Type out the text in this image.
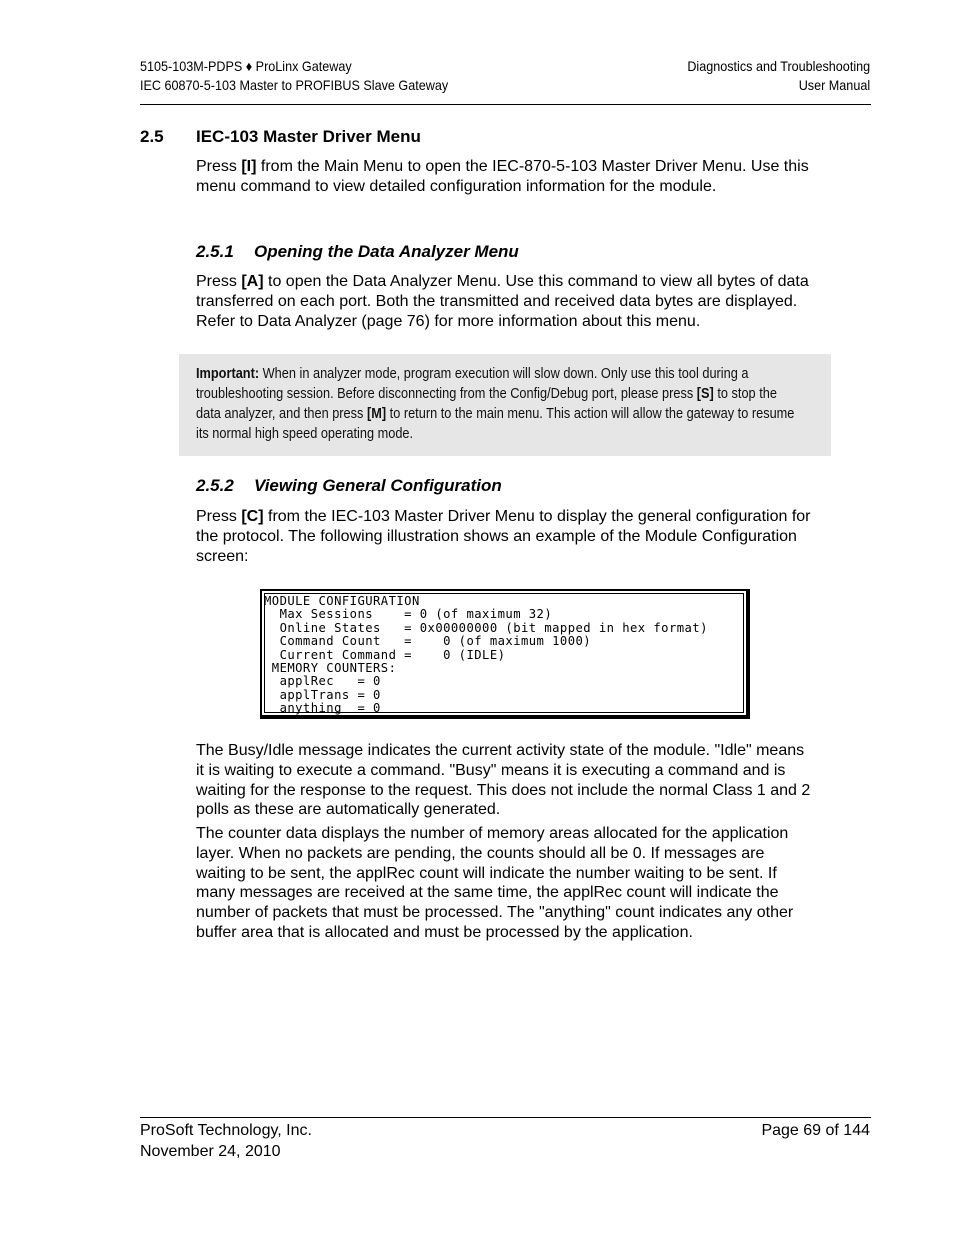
5105-103M-PDPS ♦ ProLinx Gateway
IEC 60870-5-103 Master to PROFIBUS Slave Gateway
Diagnostics and Troubleshooting
User Manual
2.5 IEC-103 Master Driver Menu
Press [I] from the Main Menu to open the IEC-870-5-103 Master Driver Menu. Use this menu command to view detailed configuration information for the module.
2.5.1 Opening the Data Analyzer Menu
Press [A] to open the Data Analyzer Menu. Use this command to view all bytes of data transferred on each port. Both the transmitted and received data bytes are displayed. Refer to Data Analyzer (page 76) for more information about this menu.
Important: When in analyzer mode, program execution will slow down. Only use this tool during a troubleshooting session. Before disconnecting from the Config/Debug port, please press [S] to stop the data analyzer, and then press [M] to return to the main menu. This action will allow the gateway to resume its normal high speed operating mode.
2.5.2 Viewing General Configuration
Press [C] from the IEC-103 Master Driver Menu to display the general configuration for the protocol. The following illustration shows an example of the Module Configuration screen:
MODULE CONFIGURATION
Max Sessions    = 0 (of maximum 32)
Online States   = 0x00000000 (bit mapped in hex format)
Command Count   =    0 (of maximum 1000)
Current Command =    0 (IDLE)
MEMORY COUNTERS:
applRec   = 0
applTrans = 0
anything  = 0
The Busy/Idle message indicates the current activity state of the module. "Idle" means it is waiting to execute a command. "Busy" means it is executing a command and is waiting for the response to the request. This does not include the normal Class 1 and 2 polls as these are automatically generated.
The counter data displays the number of memory areas allocated for the application layer. When no packets are pending, the counts should all be 0. If messages are waiting to be sent, the applRec count will indicate the number waiting to be sent. If many messages are received at the same time, the applRec count will indicate the number of packets that must be processed. The "anything" count indicates any other buffer area that is allocated and must be processed by the application.
ProSoft Technology, Inc.
November 24, 2010
Page 69 of 144
